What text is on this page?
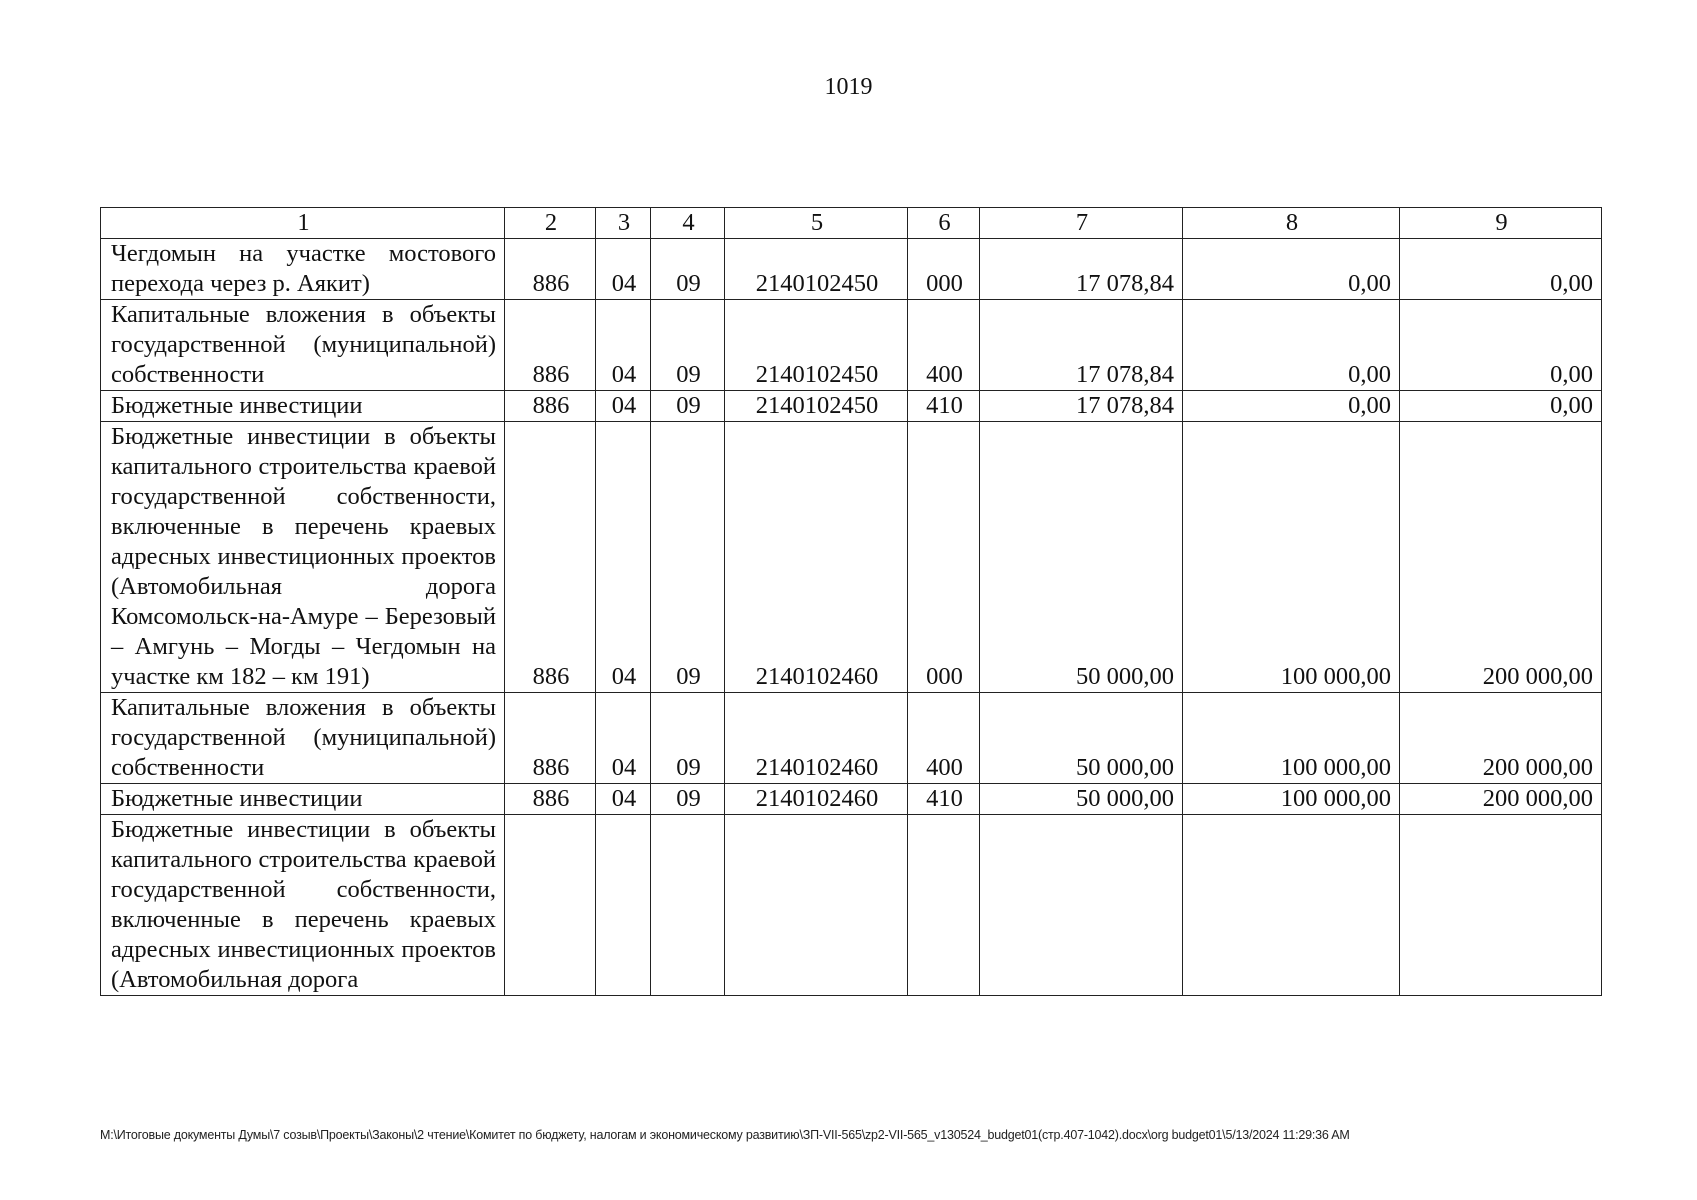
1019
1	2	3	4	5	6	7	8	9
Чегдомын на участке мостового перехода через р. Аякит)	886	04	09	2140102450	000	17 078,84	0,00	0,00
Капитальные вложения в объекты государственной (муниципальной) собственности	886	04	09	2140102450	400	17 078,84	0,00	0,00
Бюджетные инвестиции	886	04	09	2140102450	410	17 078,84	0,00	0,00
Бюджетные инвестиции в объекты капитального строительства краевой государственной собственности, включенные в перечень краевых адресных инвестиционных проектов (Автомобильная дорога Комсомольск-на-Амуре – Березовый – Амгунь – Могды – Чегдомын на участке км 182 – км 191)	886	04	09	2140102460	000	50 000,00	100 000,00	200 000,00
Капитальные вложения в объекты государственной (муниципальной) собственности	886	04	09	2140102460	400	50 000,00	100 000,00	200 000,00
Бюджетные инвестиции	886	04	09	2140102460	410	50 000,00	100 000,00	200 000,00
Бюджетные инвестиции в объекты капитального строительства краевой государственной собственности, включенные в перечень краевых адресных инвестиционных проектов (Автомобильная дорога								
М:\Итоговые документы Думы\7 созыв\Проекты\Законы\2 чтение\Комитет по бюджету, налогам и экономическому развитию\ЗП-VII-565\zp2-VII-565_v130524_budget01(стр.407-1042).docx\org budget01\5/13/2024 11:29:36 AM
